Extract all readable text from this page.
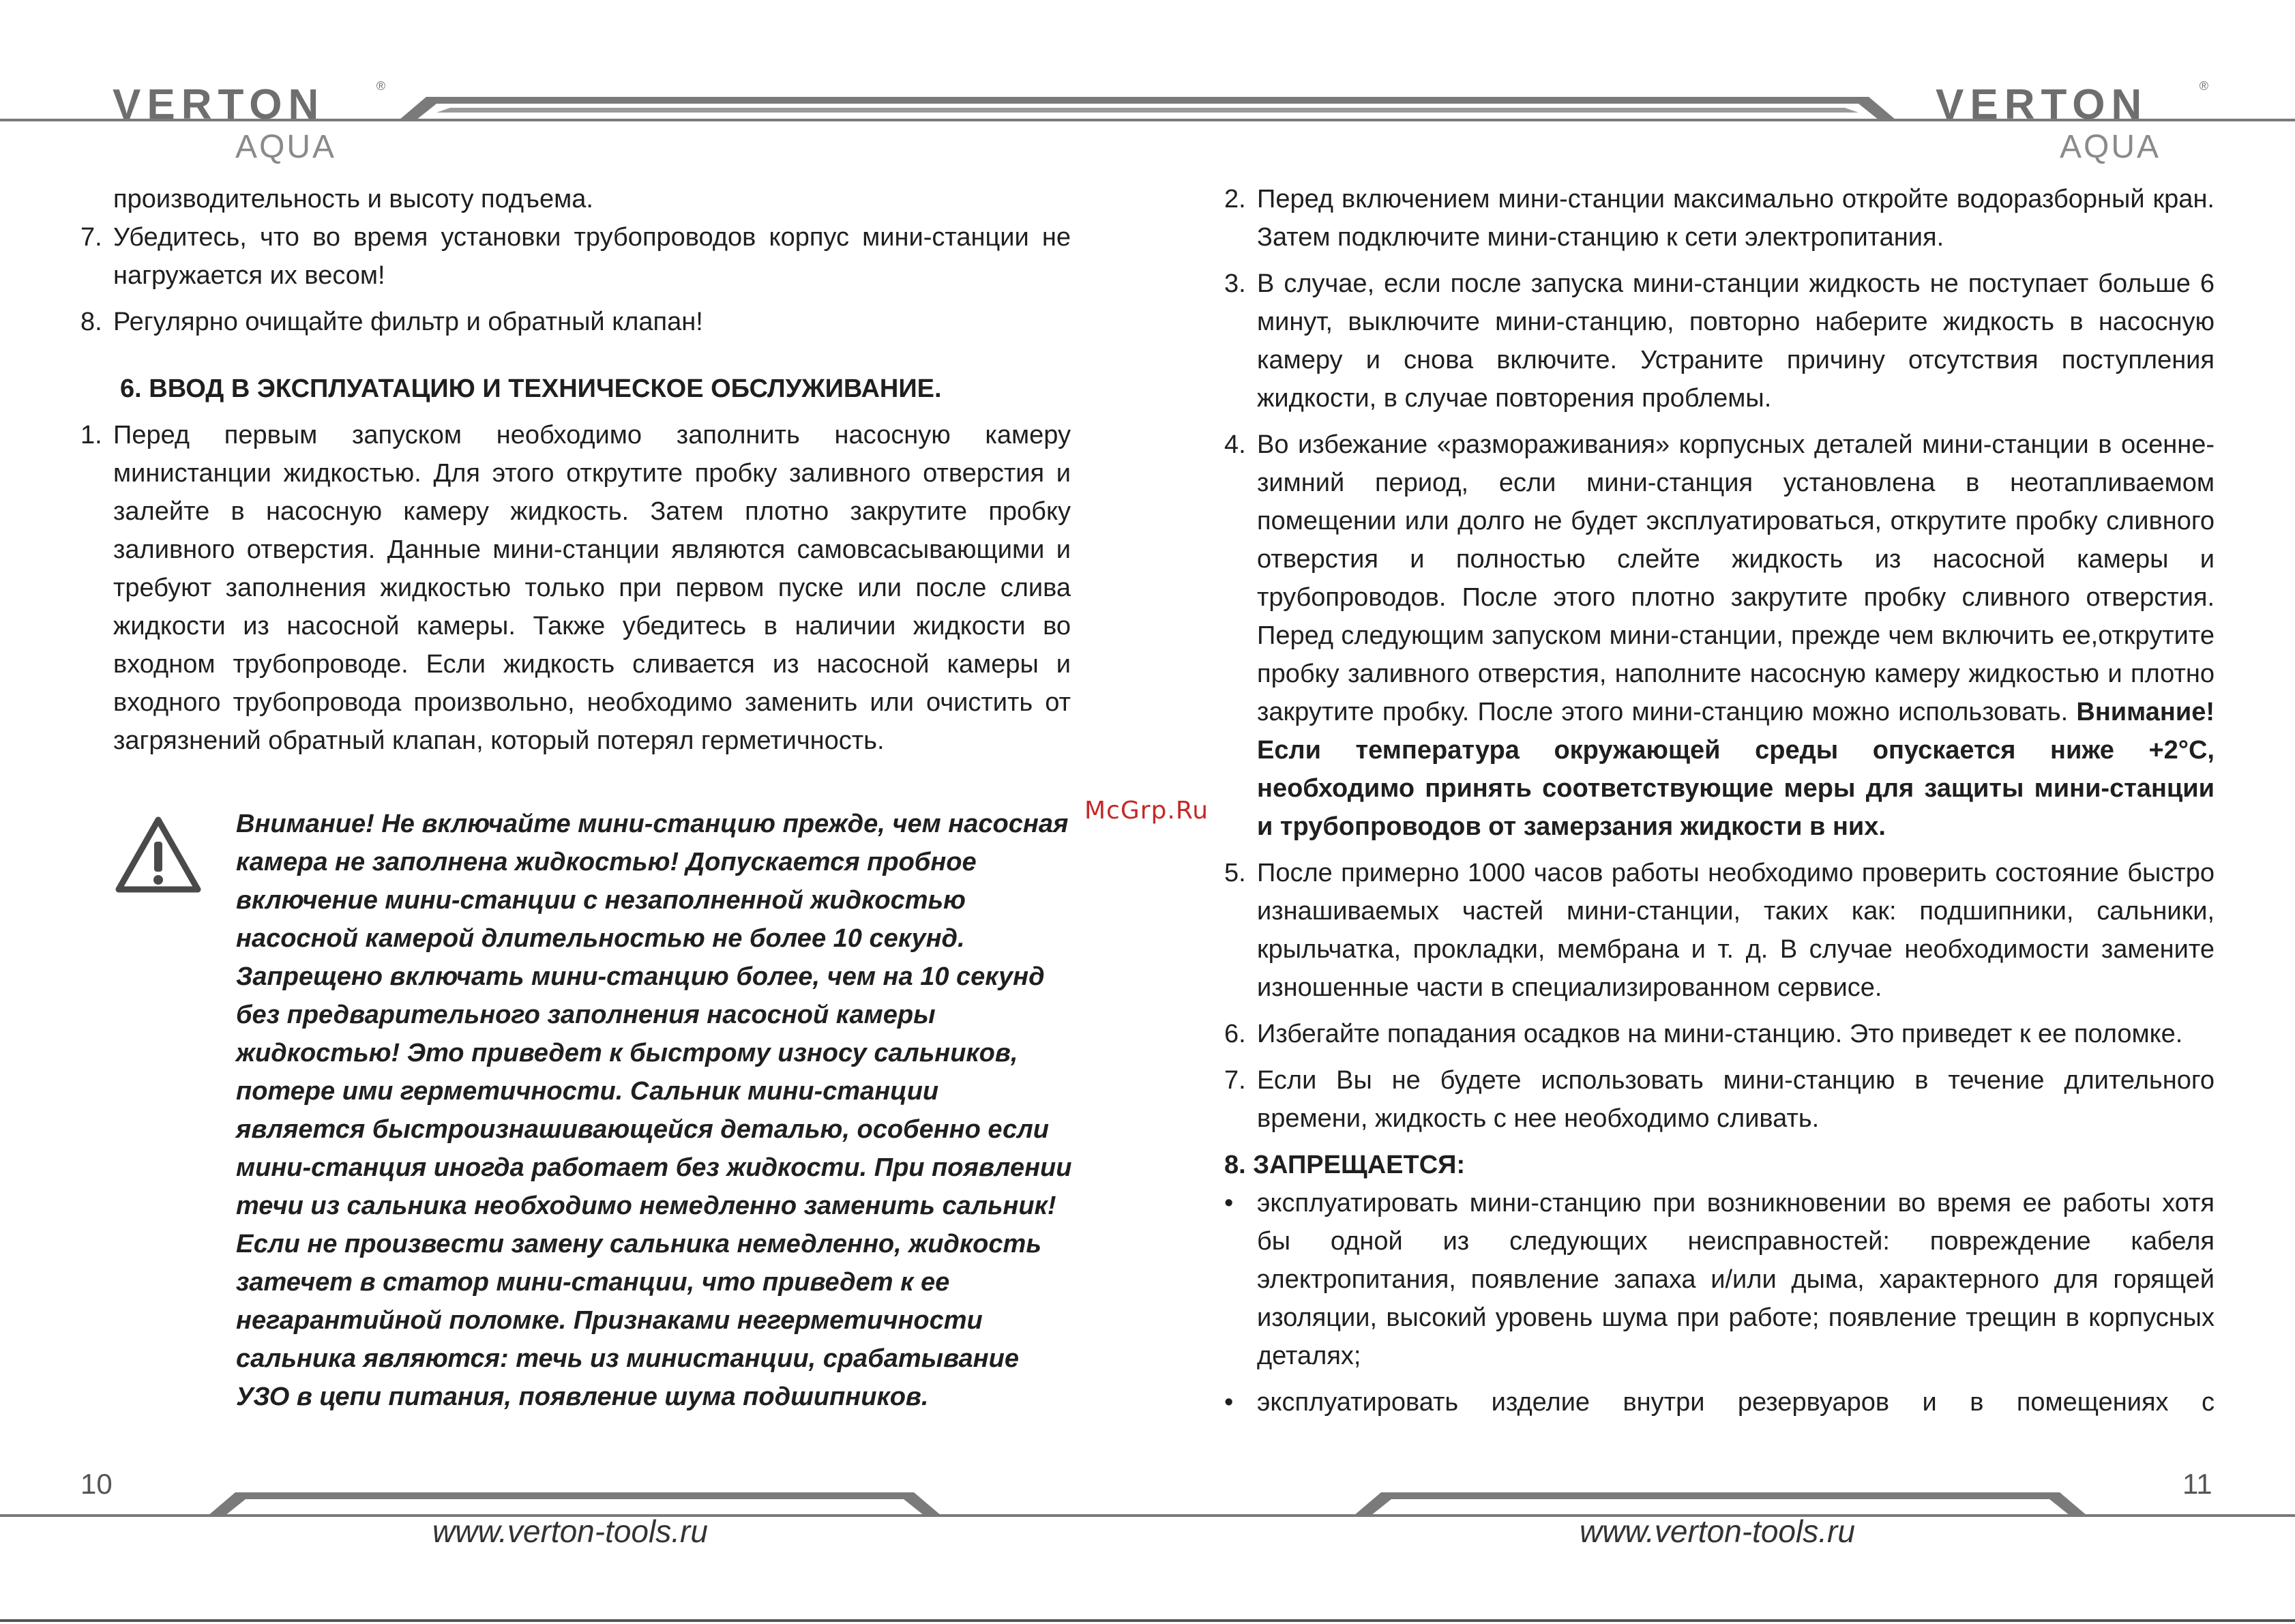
VERTON	®
AQUA
VERTON	®
AQUA

производительность и высоту подъема.

7. Убедитесь, что во время установки трубопроводов корпус мини-станции не нагружается их весом!
8. Регулярно очищайте фильтр и обратный клапан!

6. ВВОД В ЭКСПЛУАТАЦИЮ И ТЕХНИЧЕСКОЕ ОБСЛУЖИВАНИЕ.

1. Перед первым запуском необходимо заполнить насосную камеру министанции жидкостью. Для этого открутите пробку заливного отверстия и залейте в насосную камеру жидкость. Затем плотно закрутите пробку заливного отверстия. Данные мини-станции являются самовсасывающими и требуют заполнения жидкостью только при первом пуске или после слива жидкости из насосной камеры. Также убедитесь в наличии жидкости во входном трубопроводе. Если жидкость сливается из насосной камеры и входного трубопровода произвольно, необходимо заменить или очистить от загрязнений обратный клапан, который потерял герметичность.
Внимание! Не включайте мини-станцию прежде, чем насосная камера не заполнена жидкостью! Допускается пробное включение мини-станции с незаполненной жидкостью насосной камерой длительностью не более 10 секунд. Запрещено включать мини-станцию более, чем на 10 секунд без предварительного заполнения насосной камеры жидкостью! Это приведет к быстрому износу сальников, потере ими герметичности. Сальник мини-станции является быстроизнашивающейся деталью, особенно если мини-станция иногда работает без жидкости. При появлении течи из сальника необходимо немедленно заменить сальник! Если не произвести замену сальника немедленно, жидкость затечет в статор мини-станции, что приведет к ее негарантийной поломке. Признаками негерметичности сальника являются: течь из министанции, срабатывание УЗО в цепи питания, появление шума подшипников.
10
www.verton-tools.ru
McGrp.Ru
2. Перед включением мини-станции максимально откройте водоразборный кран. Затем подключите мини-станцию к сети электропитания.
3. В случае, если после запуска мини-станции жидкость не поступает больше 6 минут, выключите мини-станцию, повторно наберите жидкость в насосную камеру и снова включите. Устраните причину отсутствия поступления жидкости, в случае повторения проблемы.
4. Во избежание «размораживания» корпусных деталей мини-станции в осенне-зимний период, если мини-станция установлена в неотапливаемом помещении или долго не будет эксплуатироваться, открутите пробку сливного отверстия и полностью слейте жидкость из насосной камеры и трубопроводов. После этого плотно закрутите пробку сливного отверстия. Перед следующим запуском мини-станции, прежде чем включить ее,открутите пробку заливного отверстия, наполните насосную камеру жидкостью и плотно закрутите пробку. После этого мини-станцию можно использовать. Внимание! Если температура окружающей среды опускается ниже +2°C, необходимо принять соответствующие меры для защиты мини-станции и трубопроводов от замерзания жидкости в них.
5. После примерно 1000 часов работы необходимо проверить состояние быстро изнашиваемых частей мини-станции, таких как: подшипники, сальники, крыльчатка, прокладки, мембрана и т. д. В случае необходимости замените изношенные части в специализированном сервисе.
6. Избегайте попадания осадков на мини-станцию. Это приведет к ее поломке.
7. Если Вы не будете использовать мини-станцию в течение длительного времени, жидкость с нее необходимо сливать.

8. ЗАПРЕЩАЕТСЯ:

• эксплуатировать мини-станцию при возникновении во время ее работы хотя бы одной из следующих неисправностей: повреждение кабеля электропитания, появление запаха и/или дыма, характерного для горящей изоляции, высокий уровень шума при работе; появление трещин в корпусных деталях;
• эксплуатировать изделие внутри резервуаров и в помещениях с
11
www.verton-tools.ru
